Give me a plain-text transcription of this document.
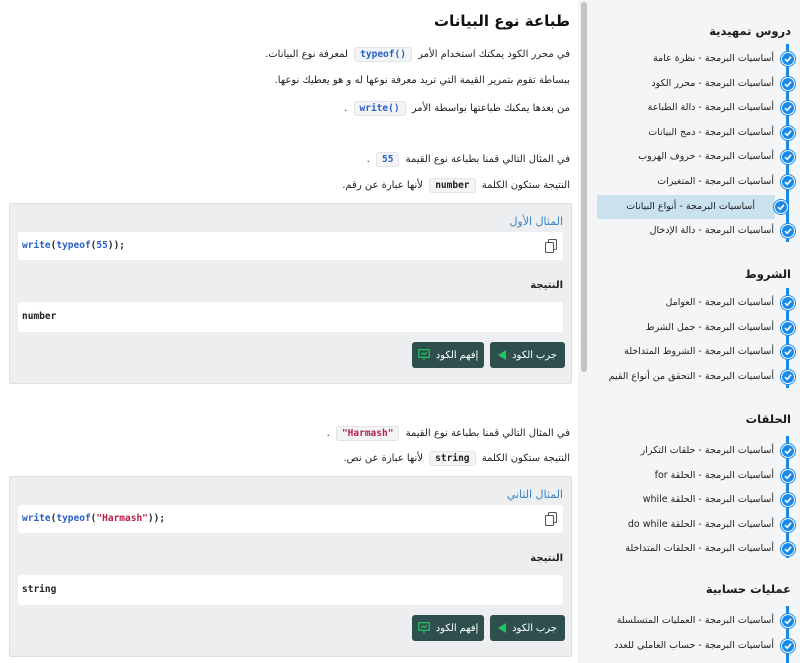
طباعة نوع البيانات
في محرر الكود يمكنك استخدام الأمر typeof() لمعرفة نوع البيانات.
ببساطة تقوم بتمرير القيمة التي تريد معرفة نوعها له و هو يعطيك نوعها.
من بعدها يمكنك طباعتها بواسطة الأمر write() .
في المثال التالي قمنا بطباعة نوع القيمة 55 .
النتيجة ستكون الكلمة number لأنها عبارة عن رقم.
المثال الأول
write(typeof(55));
النتيجة
number
جرب الكود
إفهم الكود
في المثال التالي قمنا بطباعة نوع القيمة "Harmash" .
النتيجة ستكون الكلمة string لأنها عبارة عن نص.
المثال الثاني
write(typeof("Harmash"));
النتيجة
string
جرب الكود
إفهم الكود
دروس تمهيدية
الشروط
الحلقات
عمليات حسابية
أساسيات البرمجة - نظرة عامة
أساسيات البرمجة - محرر الكود
أساسيات البرمجة - دالة الطباعة
أساسيات البرمجة - دمج البيانات
أساسيات البرمجة - حروف الهروب
أساسيات البرمجة - المتغيرات
أساسيات البرمجة - أنواع البيانات
أساسيات البرمجة - دالة الإدخال
أساسيات البرمجة - العوامل
أساسيات البرمجة - جمل الشرط
أساسيات البرمجة - الشروط المتداخلة
أساسيات البرمجة - التحقق من أنواع القيم
أساسيات البرمجة - حلقات التكرار
أساسيات البرمجة - الحلقة for
أساسيات البرمجة - الحلقة while
أساسيات البرمجة - الحلقة do while
أساسيات البرمجة - الحلقات المتداخلة
أساسيات البرمجة - العمليات المتسلسلة
أساسيات البرمجة - حساب العاملي للعدد
